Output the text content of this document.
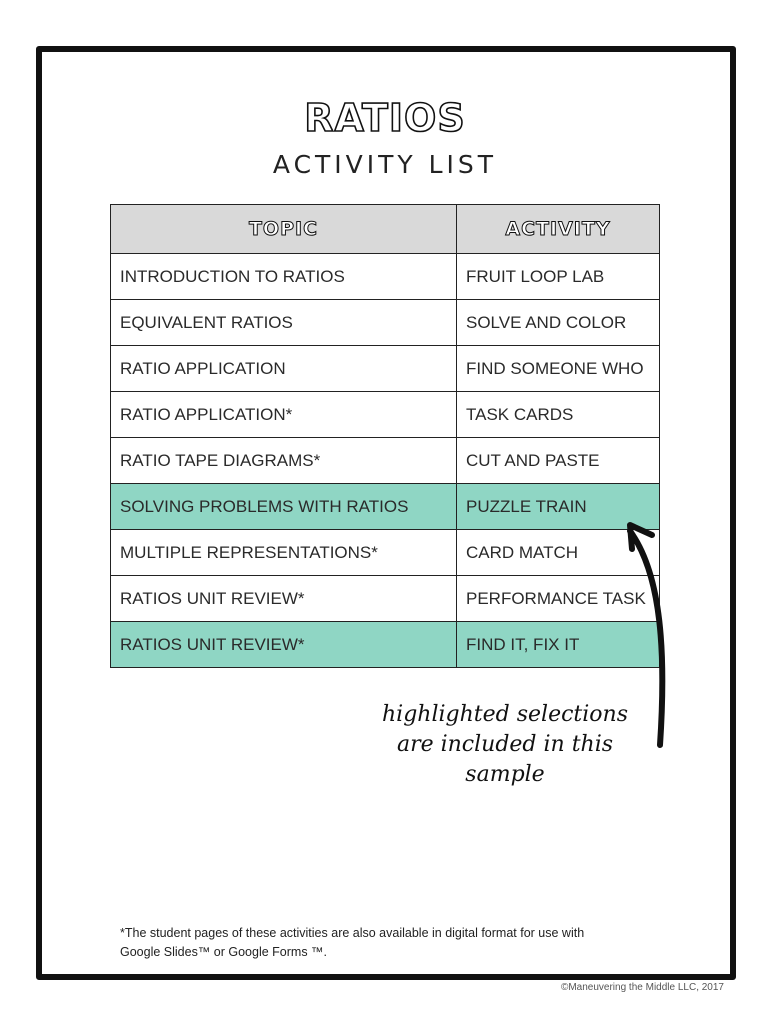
RATIOS
ACTIVITY LIST
TOPIC	ACTIVITY
INTRODUCTION TO RATIOS	FRUIT LOOP LAB
EQUIVALENT RATIOS	SOLVE AND COLOR
RATIO APPLICATION	FIND SOMEONE WHO
RATIO APPLICATION*	TASK CARDS
RATIO TAPE DIAGRAMS*	CUT AND PASTE
SOLVING PROBLEMS WITH RATIOS	PUZZLE TRAIN
MULTIPLE REPRESENTATIONS*	CARD MATCH
RATIOS UNIT REVIEW*	PERFORMANCE TASK
RATIOS UNIT REVIEW*	FIND IT, FIX IT
highlighted selections
are included in this
sample
*The student pages of these activities are also available in digital format for use with
Google Slides™ or Google Forms ™.
©Maneuvering the Middle LLC, 2017
